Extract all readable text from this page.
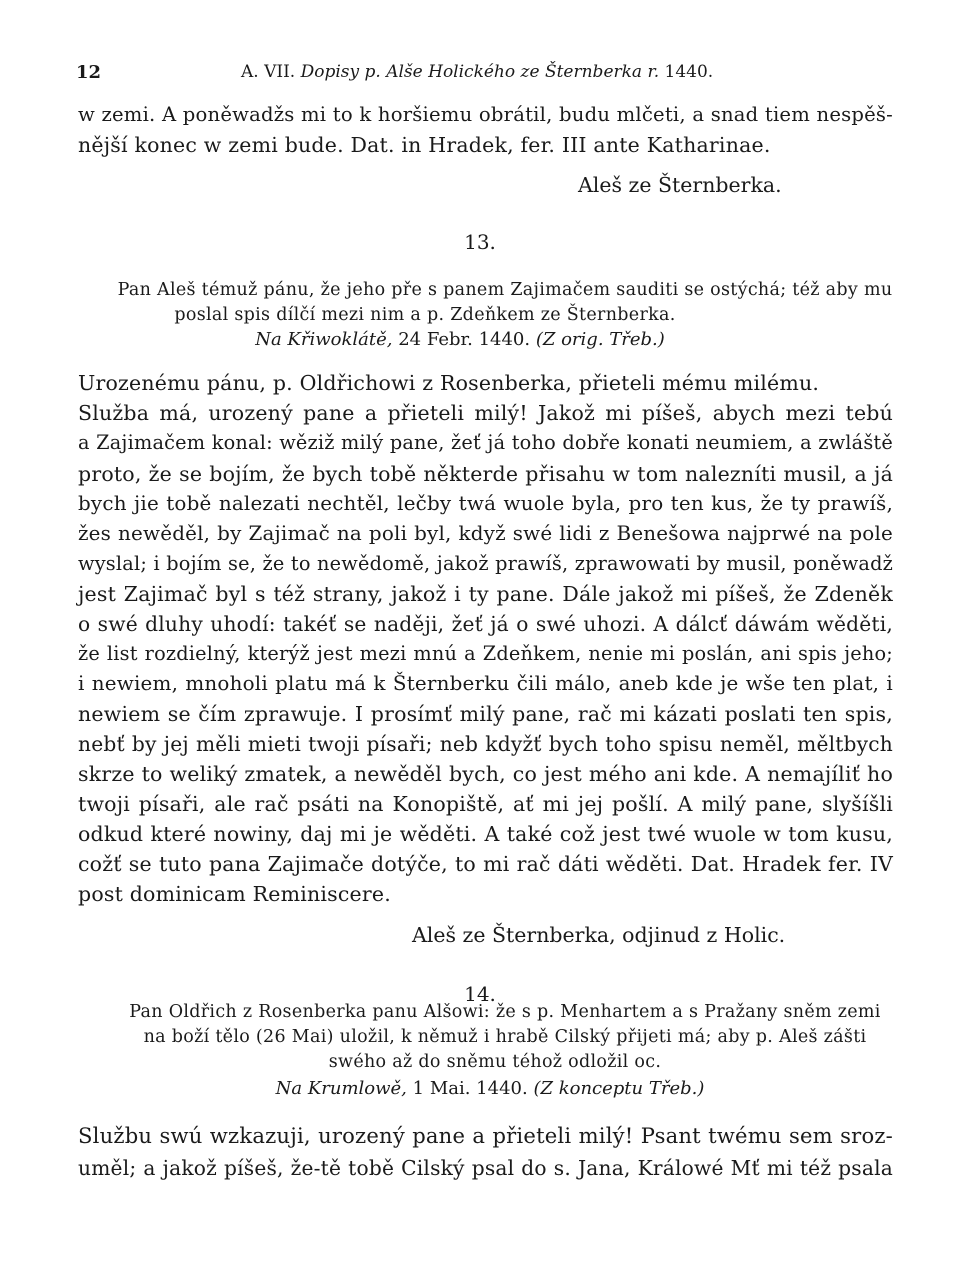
12	A. VII. Dopisy p. Alše Holického ze Šternberka r. 1440.
w zemi. A poněwadžs mi to k horšiemu obrátil, budu mlčeti, a snad tiem nespěš-
nější konec w zemi bude. Dat. in Hradek, fer. III ante Katharinae.
Aleš ze Šternberka.
13.
Pan Aleš témuž pánu, že jeho pře s panem Zajimačem sauditi se ostýchá; též aby mu
poslal spis dílčí mezi nim a p. Zdeňkem ze Šternberka.
Na Křiwoklátě, 24 Febr. 1440. (Z orig. Třeb.)
Urozenému pánu, p. Oldřichowi z Rosenberka, přieteli mému milému.
Služba má, urozený pane a přieteli milý! Jakož mi píšeš, abych mezi tebú
a Zajimačem konal: wěziž milý pane, žeť já toho dobře konati neumiem, a zwláště
proto, že se bojím, že bych tobě některde přisahu w tom nalezníti musil, a já
bych jie tobě nalezati nechtěl, lečby twá wuole byla, pro ten kus, že ty prawíš,
žes newěděl, by Zajimač na poli byl, když swé lidi z Benešowa najprwé na pole
wyslal; i bojím se, že to newědomě, jakož prawíš, zprawowati by musil, poněwadž
jest Zajimač byl s též strany, jakož i ty pane. Dále jakož mi píšeš, že Zdeněk
o swé dluhy uhodí: takéť se naději, žeť já o swé uhozi. A dálcť dáwám wěděti,
že list rozdielný, kterýž jest mezi mnú a Zdeňkem, nenie mi poslán, ani spis jeho;
i newiem, mnoholi platu má k Šternberku čili málo, aneb kde je wše ten plat, i
newiem se čím zprawuje. I prosímť milý pane, rač mi kázati poslati ten spis,
nebť by jej měli mieti twoji písaři; neb kdyžť bych toho spisu neměl, měltbych
skrze to weliký zmatek, a newěděl bych, co jest mého ani kde. A nemajíliť ho
twoji písaři, ale rač psáti na Konopiště, ať mi jej pošlí. A milý pane, slyšíšli
odkud které nowiny, daj mi je wěděti. A také což jest twé wuole w tom kusu,
cožť se tuto pana Zajimače dotýče, to mi rač dáti wěděti. Dat. Hradek fer. IV
post dominicam Reminiscere.
Aleš ze Šternberka, odjinud z Holic.
14.
Pan Oldřich z Rosenberka panu Alšowi: že s p. Menhartem a s Pražany sněm zemi
na boží tělo (26 Mai) uložil, k němuž i hrabě Cilský přijeti má; aby p. Aleš zášti
swého až do sněmu téhož odložil oc.
Na Krumlowě, 1 Mai. 1440. (Z konceptu Třeb.)
Službu swú wzkazuji, urozený pane a přieteli milý! Psant twému sem sroz-
uměl; a jakož píšeš, že-tě tobě Cilský psal do s. Jana, Králowé Mť mi též psala
